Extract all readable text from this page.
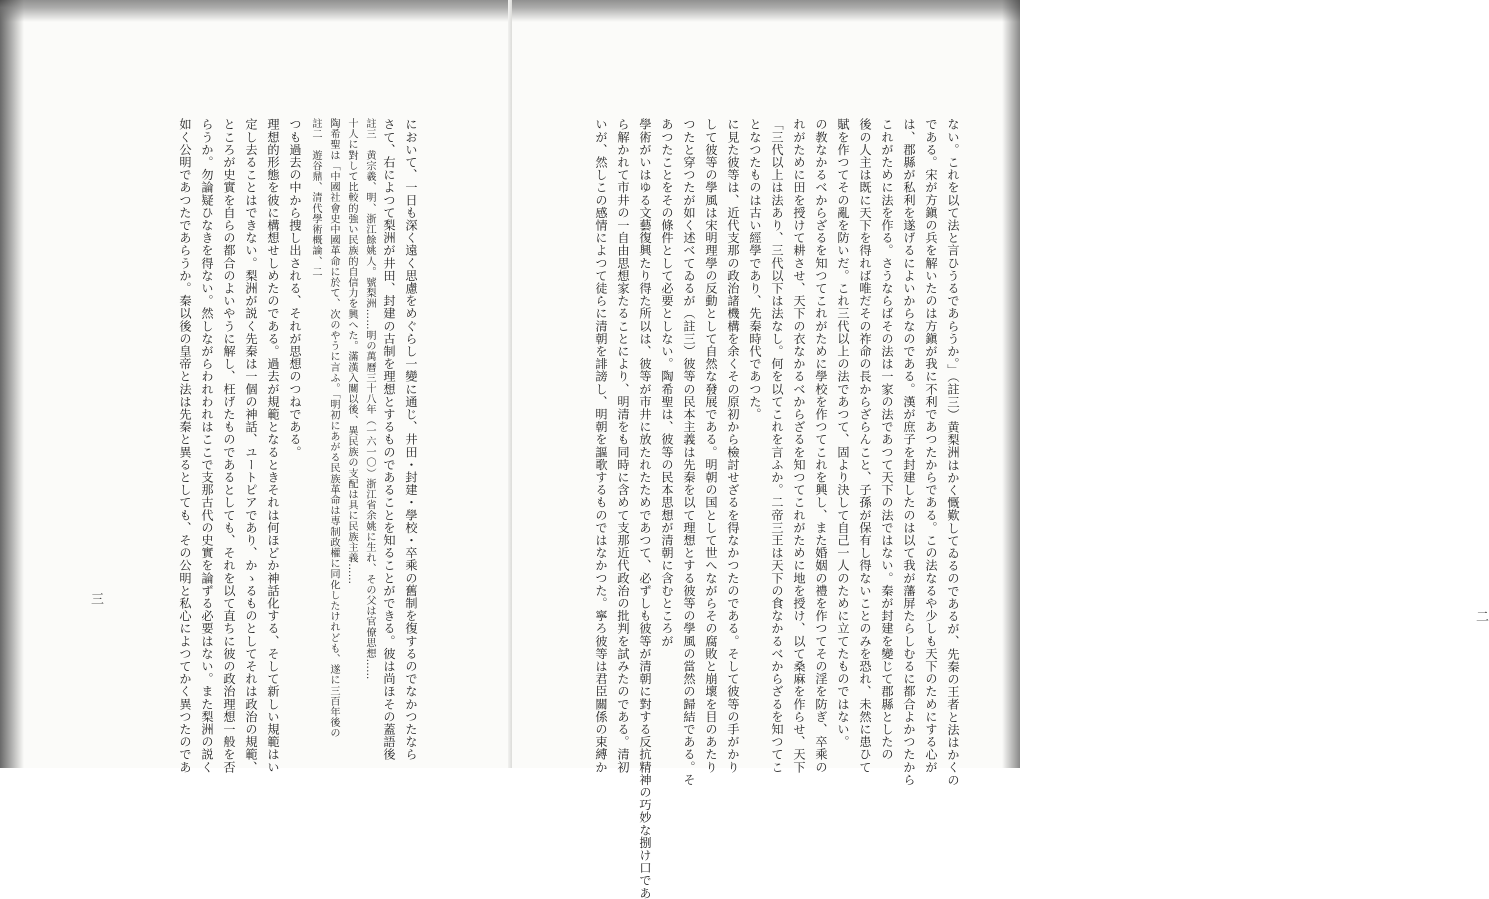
において、一日も深く遠く思慮をめぐらし一變に通じ、井田・封建・學校・卒乘の舊制を復するのでなかつたなら
さて、右によつて梨洲が井田、封建の古制を理想とするものであることを知ることができる。彼は尚ほその蓋語後
註三　黄宗羲、明、浙江餘姚人。號梨洲……明の萬曆三十八年（一六一〇）浙江省余姚に生れ、その父は官僚思想……
十人に對して比較的強い民族的自信力を興へた。滿漢入關以後、異民族の支配は具に民族主義……
陶希聖は「中國社會史中國革命に於て、次のやうに言ふ。「明初にあがる民族革命は専制政權に同化したけれども、遂に三百年後の
註二　遊谷鼎、清代學術概論、二
つも過去の中から捜し出される、それが思想のつねである。
理想的形態を彼に構想せしめたのである。過去が規範となるときそれは何ほどか神話化する、そして新しい規範はい
定し去ることはできない。梨洲が説く先秦は一個の神話、ユートピアであり、かゝるものとしてそれは政治の規範、
ところが史實を自らの都合のよいやうに解し、枉げたものであるとしても、それを以て直ちに彼の政治理想一般を否
らうか。勿論疑ひなきを得ない。然しながらわれわれはここで支那古代の史實を論ずる必要はない。また梨洲の説く
如く公明であつたであらうか。秦以後の皇帝と法は先秦と異るとしても、その公明と私心によつてかく異つたのであ
三	ない。これを以て法と言ひうるであらうか。」（註三）黄梨洲はかく慨歎してゐるのであるが、先秦の王者と法はかくの
である。宋が方鎭の兵を解いたのは方鎭が我に不利であつたからである。この法なるや少しも天下のためにする心が
は、郡縣が私利を遂げるによいからなのである。漢が庶子を封建したのは以て我が藩屏たらしむるに都合よかつたから
これがために法を作る。さうならばその法は一家の法であつて天下の法ではない。秦が封建を變じて郡縣としたの
後の人主は既に天下を得れば唯だその祚命の長からざらんこと、子孫が保有し得ないことのみを恐れ、未然に患ひて
賦を作つてその亂を防いだ。これ三代以上の法であつて、固より決して自己一人のために立てたものではない。
の教なかるべからざるを知つてこれがために學校を作つてこれを興し、また婚姻の禮を作つてその淫を防ぎ、卒乘の
れがために田を授けて耕させ、天下の衣なかるべからざるを知つてこれがために地を授け、以て桑麻を作らせ、天下
「三代以上は法あり、三代以下は法なし。何を以てこれを言ふか。二帝三王は天下の食なかるべからざるを知つてこ
となつたものは古い經學であり、先秦時代であつた。
に見た彼等は、近代支那の政治諸機構を余くその原初から檢討せざるを得なかつたのである。そして彼等の手がかり
して彼等の學風は宋明理學の反動として自然な發展である。明朝の国として世へながらその腐敗と崩壞を目のあたり
つたと穿つたが如く述べてゐるが（註三）彼等の民本主義は先秦を以て理想とする彼等の學風の當然の歸結である。そ
あつたことをその條件として必要としない。陶希聖は、彼等の民本思想が清朝に含むところが
學術がいはゆる文藝復興たり得た所以は、彼等が市井に放たれたためであつて、必ずしも彼等が清朝に對する反抗精神の巧妙な捌け口であ
ら解かれて市井の一自由思想家たることにより、明清をも同時に含めて支那近代政治の批判を試みたのである。清初
いが、然しこの感情によつて徒らに清朝を誹謗し、明朝を謳歌するものではなかつた。寧ろ彼等は君臣關係の束縛か	二
